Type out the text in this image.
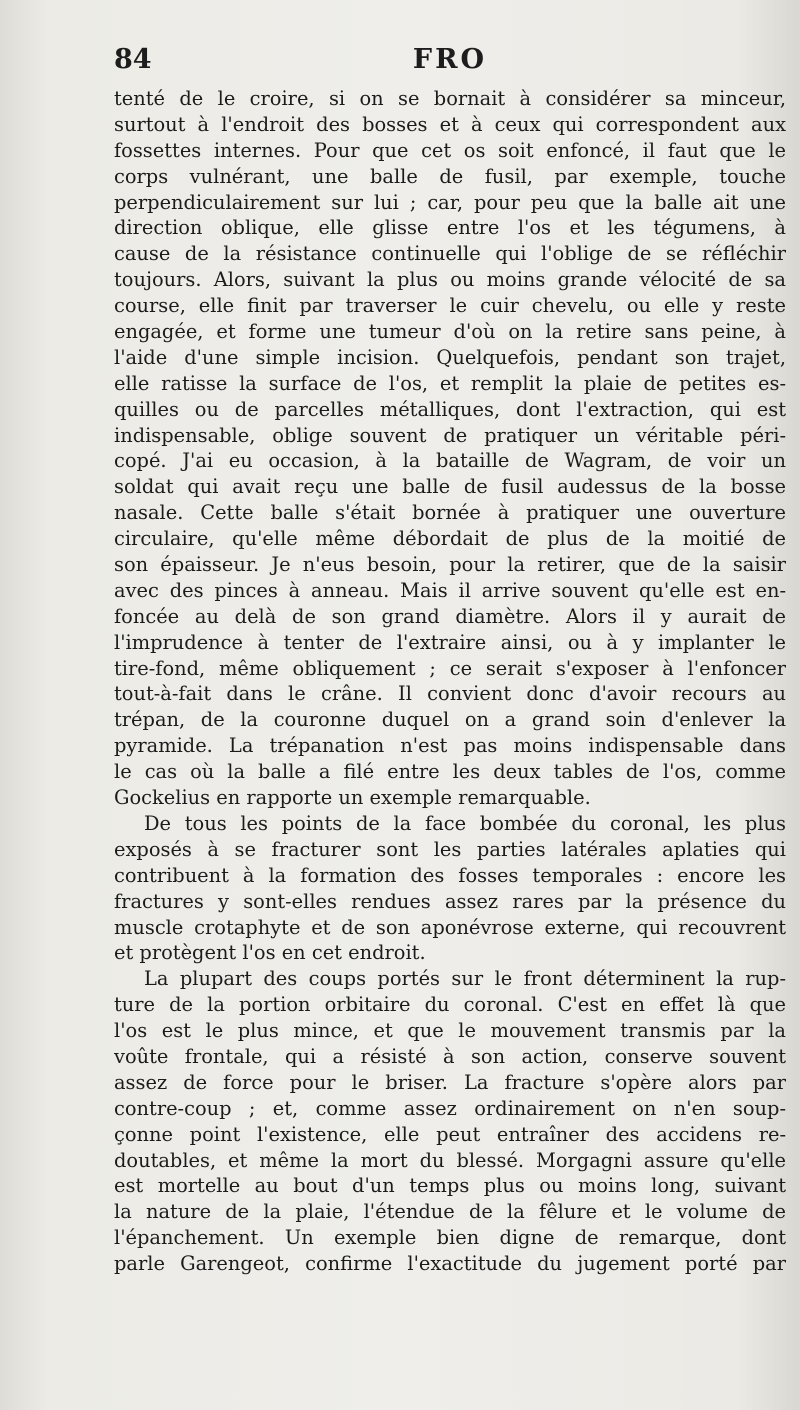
84	FRO
tenté de le croire, si on se bornait à considérer sa minceur,
surtout à l'endroit des bosses et à ceux qui correspondent aux
fossettes internes. Pour que cet os soit enfoncé, il faut que le
corps vulnérant, une balle de fusil, par exemple, touche
perpendiculairement sur lui ; car, pour peu que la balle ait une
direction oblique, elle glisse entre l'os et les tégumens, à
cause de la résistance continuelle qui l'oblige de se réfléchir
toujours. Alors, suivant la plus ou moins grande vélocité de sa
course, elle finit par traverser le cuir chevelu, ou elle y reste
engagée, et forme une tumeur d'où on la retire sans peine, à
l'aide d'une simple incision. Quelquefois, pendant son trajet,
elle ratisse la surface de l'os, et remplit la plaie de petites es-
quilles ou de parcelles métalliques, dont l'extraction, qui est
indispensable, oblige souvent de pratiquer un véritable péri-
copé. J'ai eu occasion, à la bataille de Wagram, de voir un
soldat qui avait reçu une balle de fusil audessus de la bosse
nasale. Cette balle s'était bornée à pratiquer une ouverture
circulaire, qu'elle même débordait de plus de la moitié de
son épaisseur. Je n'eus besoin, pour la retirer, que de la saisir
avec des pinces à anneau. Mais il arrive souvent qu'elle est en-
foncée au delà de son grand diamètre. Alors il y aurait de
l'imprudence à tenter de l'extraire ainsi, ou à y implanter le
tire-fond, même obliquement ; ce serait s'exposer à l'enfoncer
tout-à-fait dans le crâne. Il convient donc d'avoir recours au
trépan, de la couronne duquel on a grand soin d'enlever la
pyramide. La trépanation n'est pas moins indispensable dans
le cas où la balle a filé entre les deux tables de l'os, comme
Gockelius en rapporte un exemple remarquable.
De tous les points de la face bombée du coronal, les plus
exposés à se fracturer sont les parties latérales aplaties qui
contribuent à la formation des fosses temporales : encore les
fractures y sont-elles rendues assez rares par la présence du
muscle crotaphyte et de son aponévrose externe, qui recouvrent
et protègent l'os en cet endroit.
La plupart des coups portés sur le front déterminent la rup-
ture de la portion orbitaire du coronal. C'est en effet là que
l'os est le plus mince, et que le mouvement transmis par la
voûte frontale, qui a résisté à son action, conserve souvent
assez de force pour le briser. La fracture s'opère alors par
contre-coup ; et, comme assez ordinairement on n'en soup-
çonne point l'existence, elle peut entraîner des accidens re-
doutables, et même la mort du blessé. Morgagni assure qu'elle
est mortelle au bout d'un temps plus ou moins long, suivant
la nature de la plaie, l'étendue de la fêlure et le volume de
l'épanchement. Un exemple bien digne de remarque, dont
parle Garengeot, confirme l'exactitude du jugement porté par
